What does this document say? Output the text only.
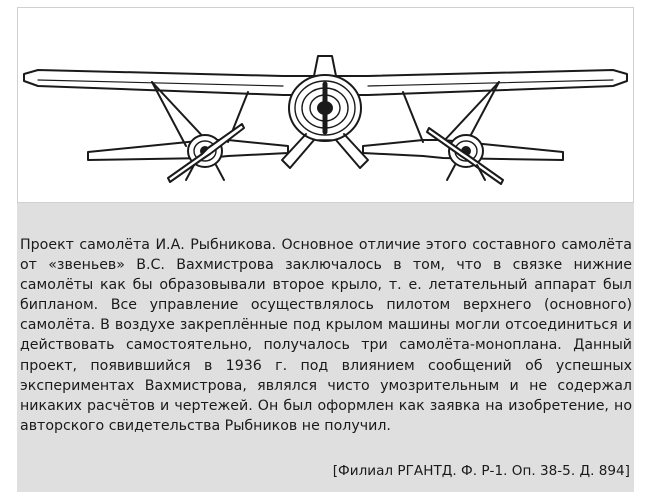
Проект самолёта И.А. Рыбникова. Основное отличие этого составного самолёта от «звеньев» В.С. Вахмистрова заключалось в том, что в связке нижние самолёты как бы образовывали второе крыло, т. е. летательный аппарат был бипланом. Все управление осуществлялось пилотом верхнего (основного) самолёта. В воздухе закреплённые под крылом машины могли отсоединиться и действовать самостоятельно, получалось три самолёта-моноплана. Данный проект, появившийся в 1936 г. под влиянием сообщений об успешных экспериментах Вахмистрова, являлся чисто умозрительным и не содержал никаких расчётов и чертежей. Он был оформлен как заявка на изобретение, но авторского свидетельства Рыбников не получил.

[Филиал РГАНТД. Ф. Р-1. Оп. 38-5. Д. 894]
